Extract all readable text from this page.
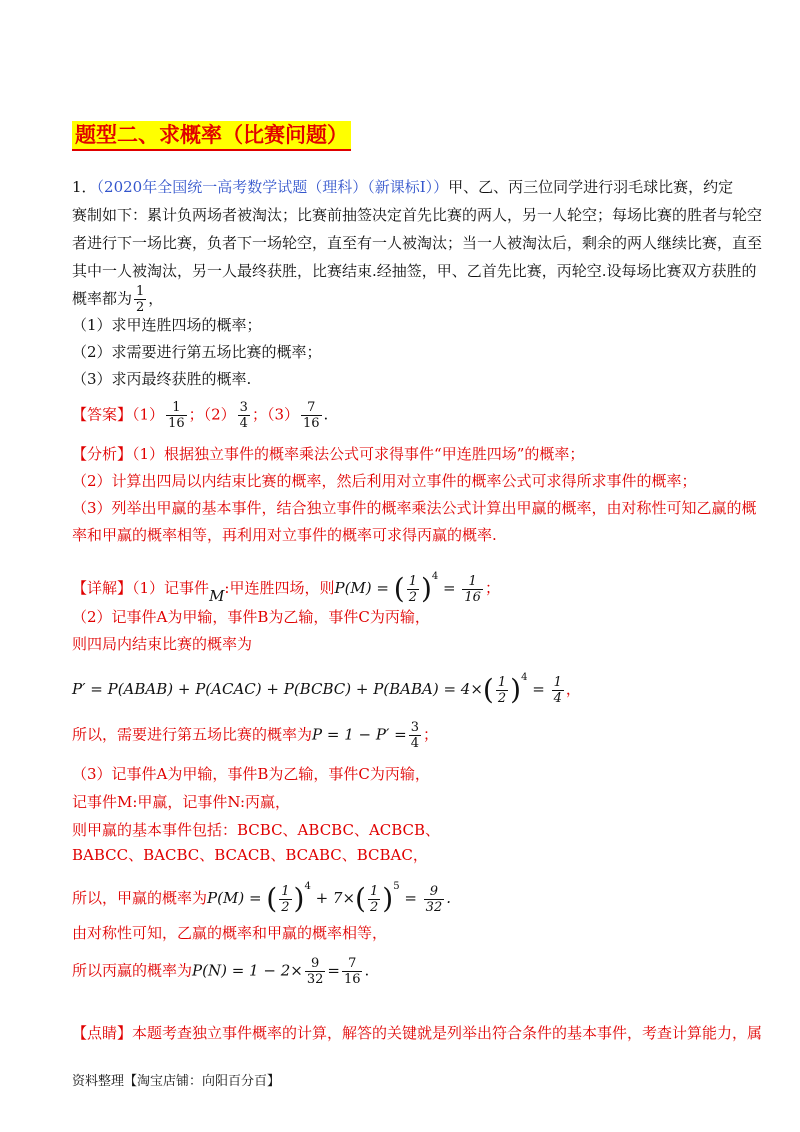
题型二、求概率（比赛问题）
1．（2020年全国统一高考数学试题（理科）（新课标Ⅰ））甲、乙、丙三位同学进行羽毛球比赛，约定
赛制如下：累计负两场者被淘汰；比赛前抽签决定首先比赛的两人，另一人轮空；每场比赛的胜者与轮空
者进行下一场比赛，负者下一场轮空，直至有一人被淘汰；当一人被淘汰后，剩余的两人继续比赛，直至
其中一人被淘汰，另一人最终获胜，比赛结束.经抽签，甲、乙首先比赛，丙轮空.设每场比赛双方获胜的
概率都为 $\frac{1}{2}$ ，
（1）求甲连胜四场的概率；
（2）求需要进行第五场比赛的概率；
（3）求丙最终获胜的概率.
【答案】$(1) \frac{1}{16}$ ；$(2) \frac{3}{4}$ ；$(3) \frac{7}{16}$ .
【分析】（1）根据独立事件的概率乘法公式可求得事件“甲连胜四场”的概率；
（2）计算出四局以内结束比赛的概率，然后利用对立事件的概率公式可求得所求事件的概率；
（3）列举出甲赢的基本事件，结合独立事件的概率乘法公式计算出甲赢的概率，由对称性可知乙赢的概
率和甲赢的概率相等，再利用对立事件的概率可求得丙赢的概率.
【详解】（1）记事件M:甲连胜四场，则P(M) = ( $\frac{1}{2} )^4 = \frac{1}{16}$ ；
（2）记事件A为甲输，事件B为乙输，事件C为丙输，
则四局内结束比赛的概率为
P′ = P(ABAB) + P(ACAC) + P(BCBC) + P(BABA) = $4\times( \frac{1}{2} )^4 = \frac{1}{4}$ ，
所以，需要进行第五场比赛的概率为$P = 1 - P' = \frac{3}{4}$ ；
（3）记事件A为甲输，事件B为乙输，事件C为丙输，
记事件M:甲赢，记事件N:丙赢，
则甲赢的基本事件包括：BCBC、ABCBC、ACBCB、
BABCC、BACBC、BCACB、BCABC、BCBAC，
所以，甲赢的概率为P(M) = ( $\frac{1}{2} )^4 + 7\times( \frac{1}{2} )^5 = \frac{9}{32}$ .
由对称性可知，乙赢的概率和甲赢的概率相等，
所以丙赢的概率为$P(N) = 1 - 2\times \frac{9}{32} = \frac{7}{16}$ .
【点睛】本题考查独立事件概率的计算，解答的关键就是列举出符合条件的基本事件，考查计算能力，属
资料整理【淘宝店铺：向阳百分百】
